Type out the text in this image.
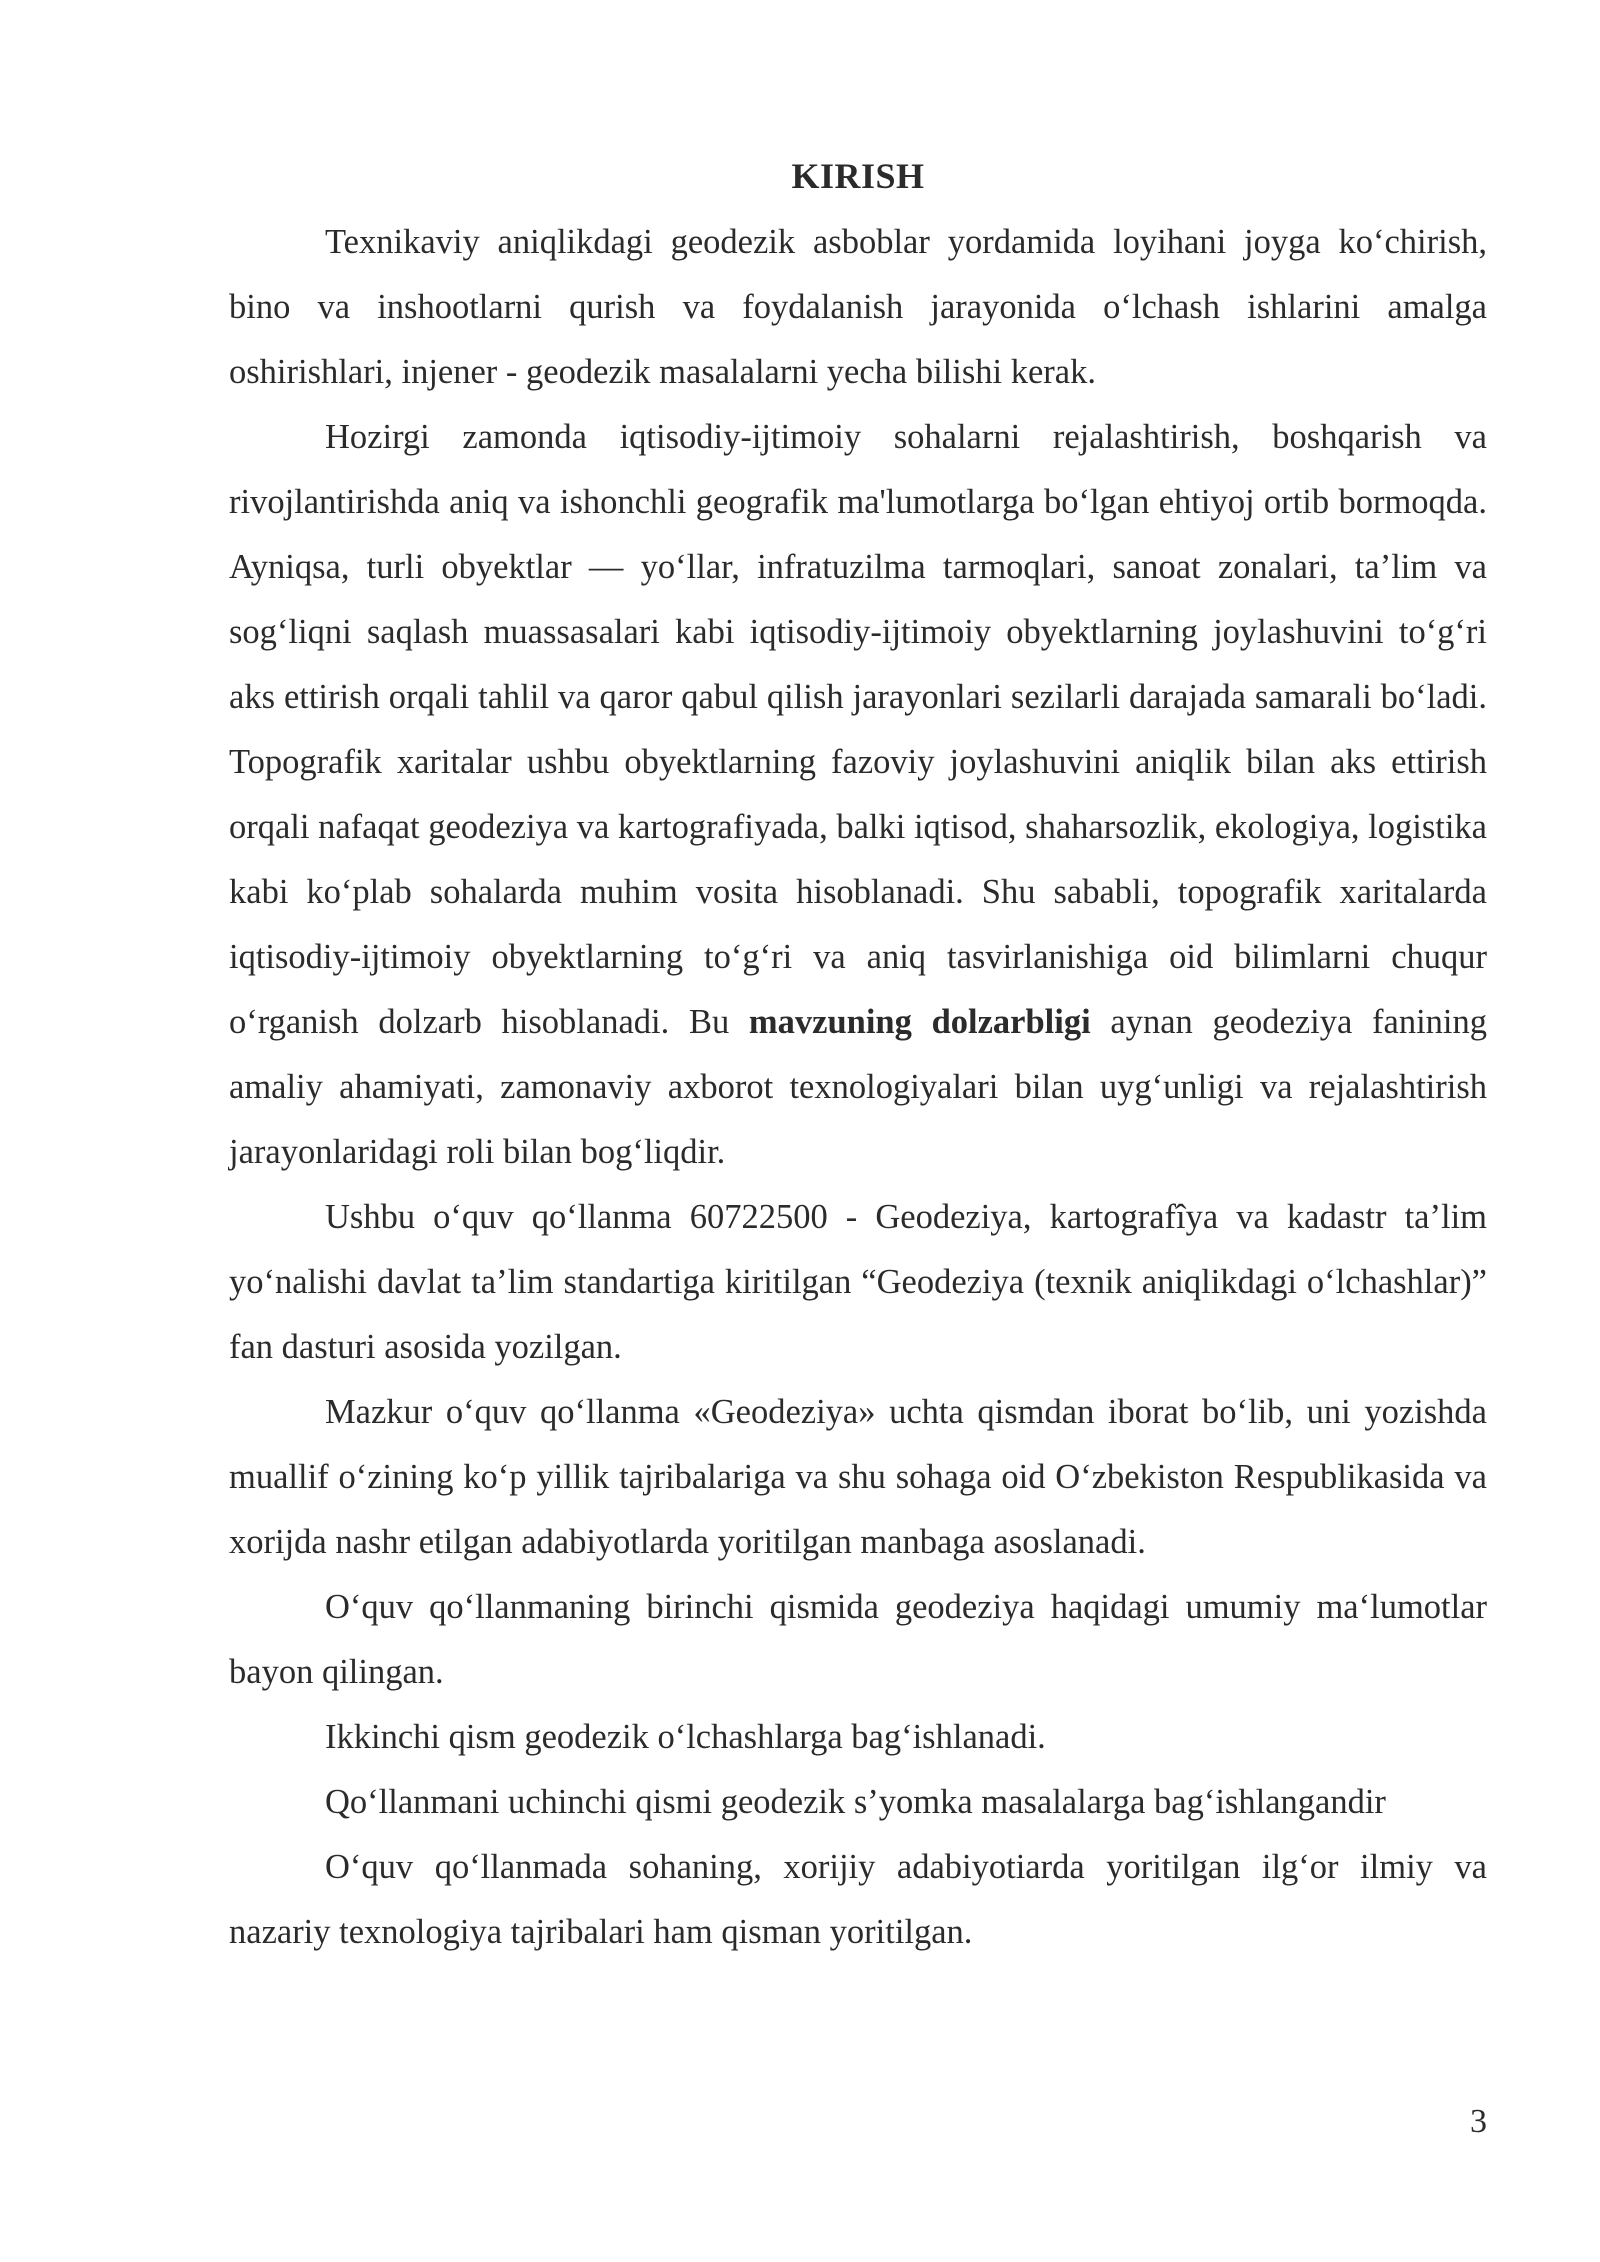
KIRISH

Texnikaviy aniqlikdagi geodezik asboblar yordamida loyihani joyga ko‘chirish, bino va inshootlarni qurish va foydalanish jarayonida o‘lchash ishlarini amalga oshirishlari, injener - geodezik masalalarni yecha bilishi kerak.

Hozirgi zamonda iqtisodiy-ijtimoiy sohalarni rejalashtirish, boshqarish va rivojlantirishda aniq va ishonchli geografik ma'lumotlarga bo‘lgan ehtiyoj ortib bormoqda. Ayniqsa, turli obyektlar — yo‘llar, infratuzilma tarmoqlari, sanoat zonalari, ta’lim va sog‘liqni saqlash muassasalari kabi iqtisodiy-ijtimoiy obyektlarning joylashuvini to‘g‘ri aks ettirish orqali tahlil va qaror qabul qilish jarayonlari sezilarli darajada samarali bo‘ladi. Topografik xaritalar ushbu obyektlarning fazoviy joylashuvini aniqlik bilan aks ettirish orqali nafaqat geodeziya va kartografiyada, balki iqtisod, shaharsozlik, ekologiya, logistika kabi ko‘plab sohalarda muhim vosita hisoblanadi. Shu sababli, topografik xaritalarda iqtisodiy-ijtimoiy obyektlarning to‘g‘ri va aniq tasvirlanishiga oid bilimlarni chuqur o‘rganish dolzarb hisoblanadi. Bu mavzuning dolzarbligi aynan geodeziya fanining amaliy ahamiyati, zamonaviy axborot texnologiyalari bilan uyg‘unligi va rejalashtirish jarayonlaridagi roli bilan bog‘liqdir.

Ushbu o‘quv qo‘llanma 60722500 - Geodeziya, kartografîya va kadastr ta’lim yo‘nalishi davlat ta’lim standartiga kiritilgan “Geodeziya (texnik aniqlikdagi o‘lchashlar)” fan dasturi asosida yozilgan.

Mazkur o‘quv qo‘llanma «Geodeziya» uchta qismdan iborat bo‘lib, uni yozishda muallif o‘zining ko‘p yillik tajribalariga va shu sohaga oid O‘zbekiston Respublikasida va xorijda nashr etilgan adabiyotlarda yoritilgan manbaga asoslanadi.

O‘quv qo‘llanmaning birinchi qismida geodeziya haqidagi umumiy ma‘lumotlar bayon qilingan.

Ikkinchi qism geodezik o‘lchashlarga bag‘ishlanadi.

Qo‘llanmani uchinchi qismi geodezik s’yomka masalalarga bag‘ishlangandir

O‘quv qo‘llanmada sohaning, xorijiy adabiyotiarda yoritilgan ilg‘or ilmiy va nazariy texnologiya tajribalari ham qisman yoritilgan.

3
